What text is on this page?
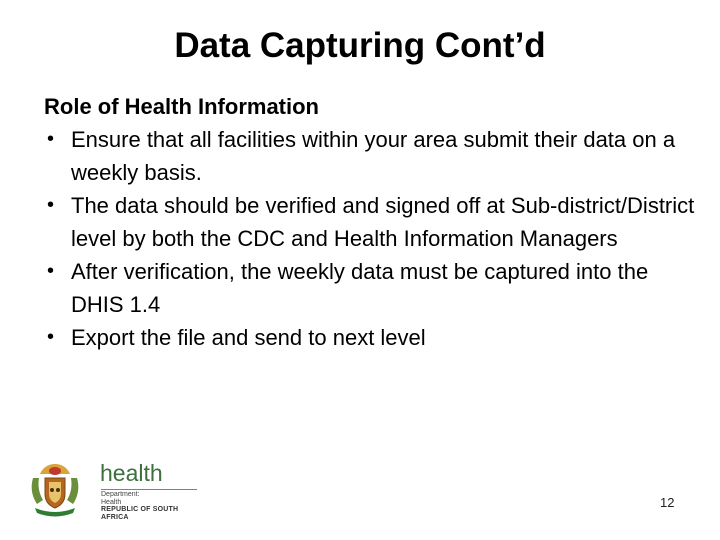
Data Capturing Cont’d

Role of Health Information

• Ensure that all facilities within your area submit their data on a weekly basis.
• The data should be verified and signed off at Sub-district/District level by both the CDC and Health Information Managers
• After verification, the weekly data must be captured into the DHIS 1.4
• Export the file and send to next level
health
Department:
Health
REPUBLIC OF SOUTH AFRICA
12
